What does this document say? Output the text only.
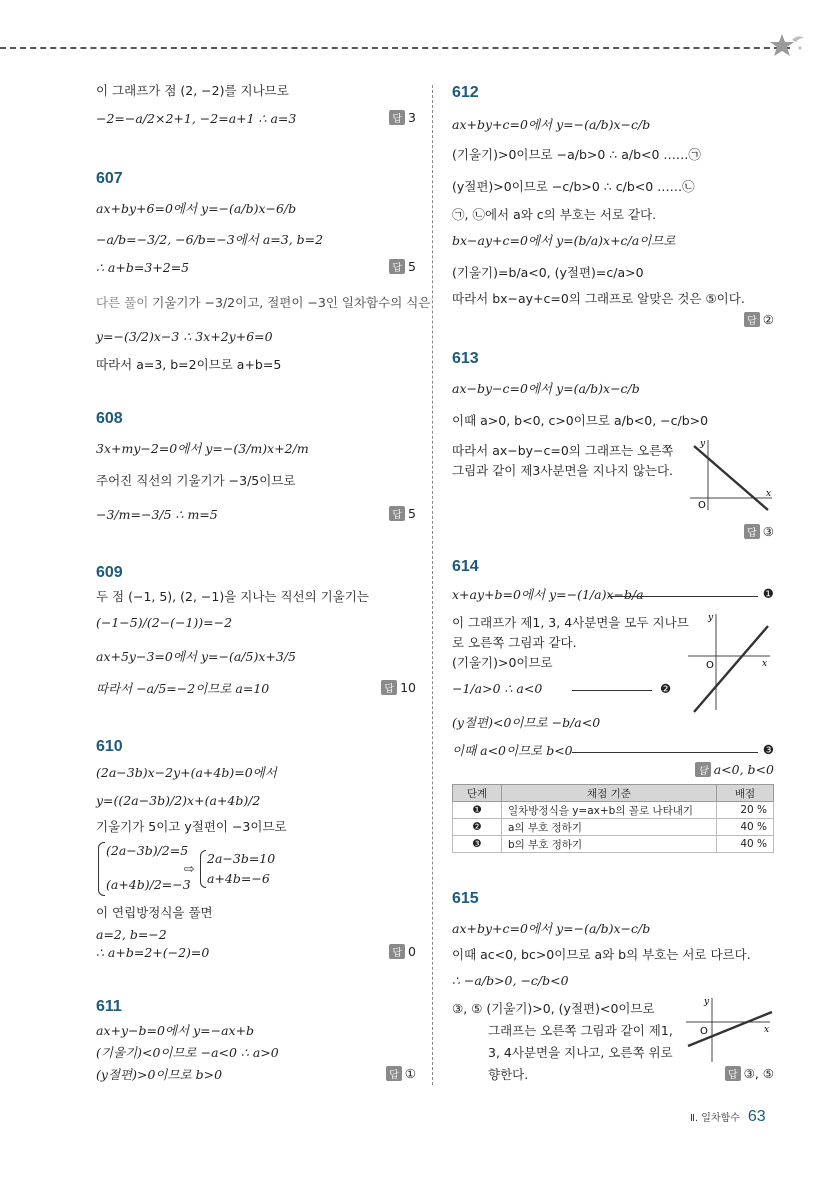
이 그래프가 점 (2, −2)를 지나므로
−2=−a/2×2+1, −2=a+1 ∴ a=3	답 3
607
ax+by+6=0에서 y=−(a/b)x−6/b
−a/b=−3/2, −6/b=−3에서 a=3, b=2
∴ a+b=3+2=5	답 5
다른 풀이 기울기가 −3/2이고, 절편이 −3인 일차함수의 식은
y=−(3/2)x−3 ∴ 3x+2y+6=0
따라서 a=3, b=2이므로 a+b=5
608
3x+my−2=0에서 y=−(3/m)x+2/m
주어진 직선의 기울기가 −3/5이므로
−3/m=−3/5 ∴ m=5	답 5
609
두 점 (−1, 5), (2, −1)을 지나는 직선의 기울기는
(−1−5)/(2−(−1))=−2
ax+5y−3=0에서 y=−(a/5)x+3/5
따라서 −a/5=−2이므로 a=10	답 10
610
(2a−3b)x−2y+(a+4b)=0에서
y=((2a−3b)/2)x+(a+4b)/2
기울기가 5이고 y절편이 −3이므로
(2a−3b)/2=5
(a+4b)/2=−3
⇨
2a−3b=10
a+4b=−6
이 연립방정식을 풀면
a=2, b=−2
∴ a+b=2+(−2)=0	답 0
611
ax+y−b=0에서 y=−ax+b
(기울기)<0이므로 −a<0 ∴ a>0
(y절편)>0이므로 b>0	답 ①
612
ax+by+c=0에서 y=−(a/b)x−c/b
(기울기)>0이므로 −a/b>0 ∴ a/b<0 ……㉠
(y절편)>0이므로 −c/b>0 ∴ c/b<0 ……㉡
㉠, ㉡에서 a와 c의 부호는 서로 같다.
bx−ay+c=0에서 y=(b/a)x+c/a이므로
(기울기)=b/a<0, (y절편)=c/a>0
따라서 bx−ay+c=0의 그래프로 알맞은 것은 ⑤이다.
답 ②
613
ax−by−c=0에서 y=(a/b)x−c/b
이때 a>0, b<0, c>0이므로 a/b<0, −c/b>0
따라서 ax−by−c=0의 그래프는 오른쪽
그림과 같이 제3사분면을 지나지 않는다.
y
x
O
답 ③
614
x+ay+b=0에서 y=−(1/a)x−b/a	❶
이 그래프가 제1, 3, 4사분면을 모두 지나므
로 오른쪽 그림과 같다.
(기울기)>0이므로
−1/a>0 ∴ a<0	❷
y
x
O
(y절편)<0이므로 −b/a<0
이때 a<0이므로 b<0	❸
답 a<0, b<0
단계	채점 기준	배점
❶	일차방정식을 y=ax+b의 꼴로 나타내기	20 %
❷	a의 부호 정하기	40 %
❸	b의 부호 정하기	40 %
615
ax+by+c=0에서 y=−(a/b)x−c/b
이때 ac<0, bc>0이므로 a와 b의 부호는 서로 다르다.
∴ −a/b>0, −c/b<0
③, ⑤ (기울기)>0, (y절편)<0이므로
그래프는 오른쪽 그림과 같이 제1,
3, 4사분면을 지나고, 오른쪽 위로
향한다.
y
x
O
답 ③, ⑤
Ⅱ. 일차함수 63
